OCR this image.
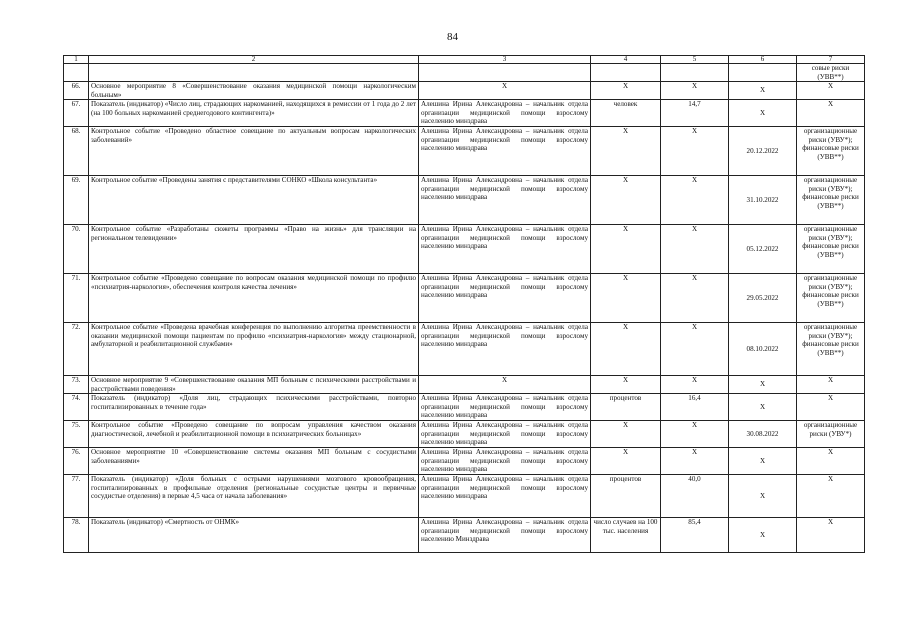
84
1	2	3	4	5	6	7
						совые риски (УВВ**)
66.	Основное мероприятие 8 «Совершенствование оказания медицинской помощи наркологическим больным»	X	X	X	X	X
67.	Показатель (индикатор) «Число лиц, страдающих наркоманией, находящихся в ремиссии от 1 года до 2 лет (на 100 больных наркоманией среднегодового контингента)»	Алешина Ирина Александровна – начальник отдела организации медицинской помощи взрослому населению минздрава	человек	14,7	X	X
68.	Контрольное событие «Проведено областное совещание по актуальным вопросам наркологических заболеваний»	Алешина Ирина Александровна – начальник отдела организации медицинской помощи взрослому населению минздрава	X	X	20.12.2022	организационные риски (УВУ*); финансовые риски (УВВ**)
69.	Контрольное событие «Проведены занятия с представителями СОНКО «Школа консультанта»	Алешина Ирина Александровна – начальник отдела организации медицинской помощи взрослому населению минздрава	X	X	31.10.2022	организационные риски (УВУ*); финансовые риски (УВВ**)
70.	Контрольное событие «Разработаны сюжеты программы «Право на жизнь» для трансляции на региональном телевидении»	Алешина Ирина Александровна – начальник отдела организации медицинской помощи взрослому населению минздрава	X	X	05.12.2022	организационные риски (УВУ*); финансовые риски (УВВ**)
71.	Контрольное событие «Проведено совещание по вопросам оказания медицинской помощи по профилю «психиатрия-наркология», обеспечения контроля качества лечения»	Алешина Ирина Александровна – начальник отдела организации медицинской помощи взрослому населению минздрава	X	X	29.05.2022	организационные риски (УВУ*); финансовые риски (УВВ**)
72.	Контрольное событие «Проведена врачебная конференция по выполнению алгоритма преемственности в оказании медицинской помощи пациентам по профилю «психиатрия-наркология» между стационарной, амбулаторной и реабилитационной службами»	Алешина Ирина Александровна – начальник отдела организации медицинской помощи взрослому населению минздрава	X	X	08.10.2022	организационные риски (УВУ*); финансовые риски (УВВ**)
73.	Основное мероприятие 9 «Совершенствование оказания МП больным с психическими расстройствами и расстройствами поведения»	X	X	X	X	X
74.	Показатель (индикатор) «Доля лиц, страдающих психическими расстройствами, повторно госпитализированных в течение года»	Алешина Ирина Александровна – начальник отдела организации медицинской помощи взрослому населению минздрава	процентов	16,4	X	X
75.	Контрольное событие «Проведено совещание по вопросам управления качеством оказания диагностической, лечебной и реабилитационной помощи в психиатрических больницах»	Алешина Ирина Александровна – начальник отдела организации медицинской помощи взрослому населению минздрава	X	X	30.08.2022	организационные риски (УВУ*)
76.	Основное мероприятие 10 «Совершенствование системы оказания МП больным с сосудистыми заболеваниями»	Алешина Ирина Александровна – начальник отдела организации медицинской помощи взрослому населению минздрава	X	X	X	X
77.	Показатель (индикатор) «Доля больных с острыми нарушениями мозгового кровообращения, госпитализированных в профильные отделения (региональные сосудистые центры и первичные сосудистые отделения) в первые 4,5 часа от начала заболевания»	Алешина Ирина Александровна – начальник отдела организации медицинской помощи взрослому населению минздрава	процентов	40,0	X	X
78.	Показатель (индикатор) «Смертность от ОНМК»	Алешина Ирина Александровна – начальник отдела организации медицинской помощи взрослому населению Минздрава	число случаев на 100 тыс. населения	85,4	X	X
